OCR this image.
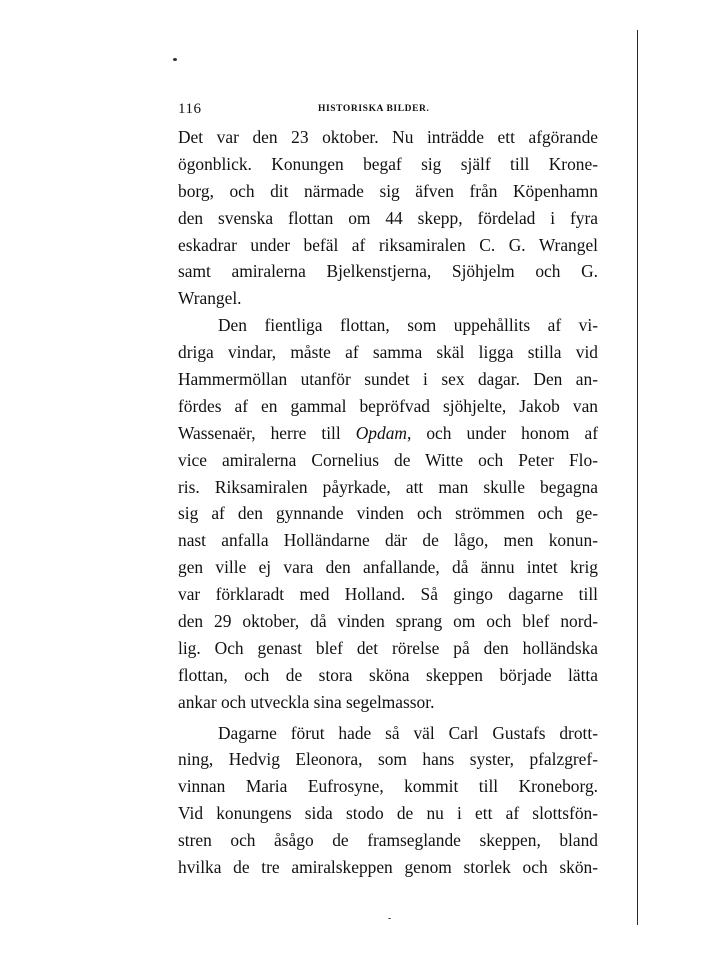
116	HISTORISKA BILDER.
Det var den 23 oktober. Nu inträdde ett afgörande
ögonblick. Konungen begaf sig själf till Krone-
borg, och dit närmade sig äfven från Köpenhamn
den svenska flottan om 44 skepp, fördelad i fyra
eskadrar under befäl af riksamiralen C. G. Wrangel
samt amiralerna Bjelkenstjerna, Sjöhjelm och G.
Wrangel.
Den fientliga flottan, som uppehållits af vi-
driga vindar, måste af samma skäl ligga stilla vid
Hammermöllan utanför sundet i sex dagar. Den an-
fördes af en gammal bepröfvad sjöhjelte, Jakob van
Wassenaër, herre till Opdam, och under honom af
vice amiralerna Cornelius de Witte och Peter Flo-
ris. Riksamiralen påyrkade, att man skulle begagna
sig af den gynnande vinden och strömmen och ge-
nast anfalla Holländarne där de lågo, men konun-
gen ville ej vara den anfallande, då ännu intet krig
var förklaradt med Holland. Så gingo dagarne till
den 29 oktober, då vinden sprang om och blef nord-
lig. Och genast blef det rörelse på den holländska
flottan, och de stora sköna skeppen började lätta
ankar och utveckla sina segelmassor.
Dagarne förut hade så väl Carl Gustafs drott-
ning, Hedvig Eleonora, som hans syster, pfalzgref-
vinnan Maria Eufrosyne, kommit till Kroneborg.
Vid konungens sida stodo de nu i ett af slottsfön-
stren och åsågo de framseglande skeppen, bland
hvilka de tre amiralskeppen genom storlek och skön-
